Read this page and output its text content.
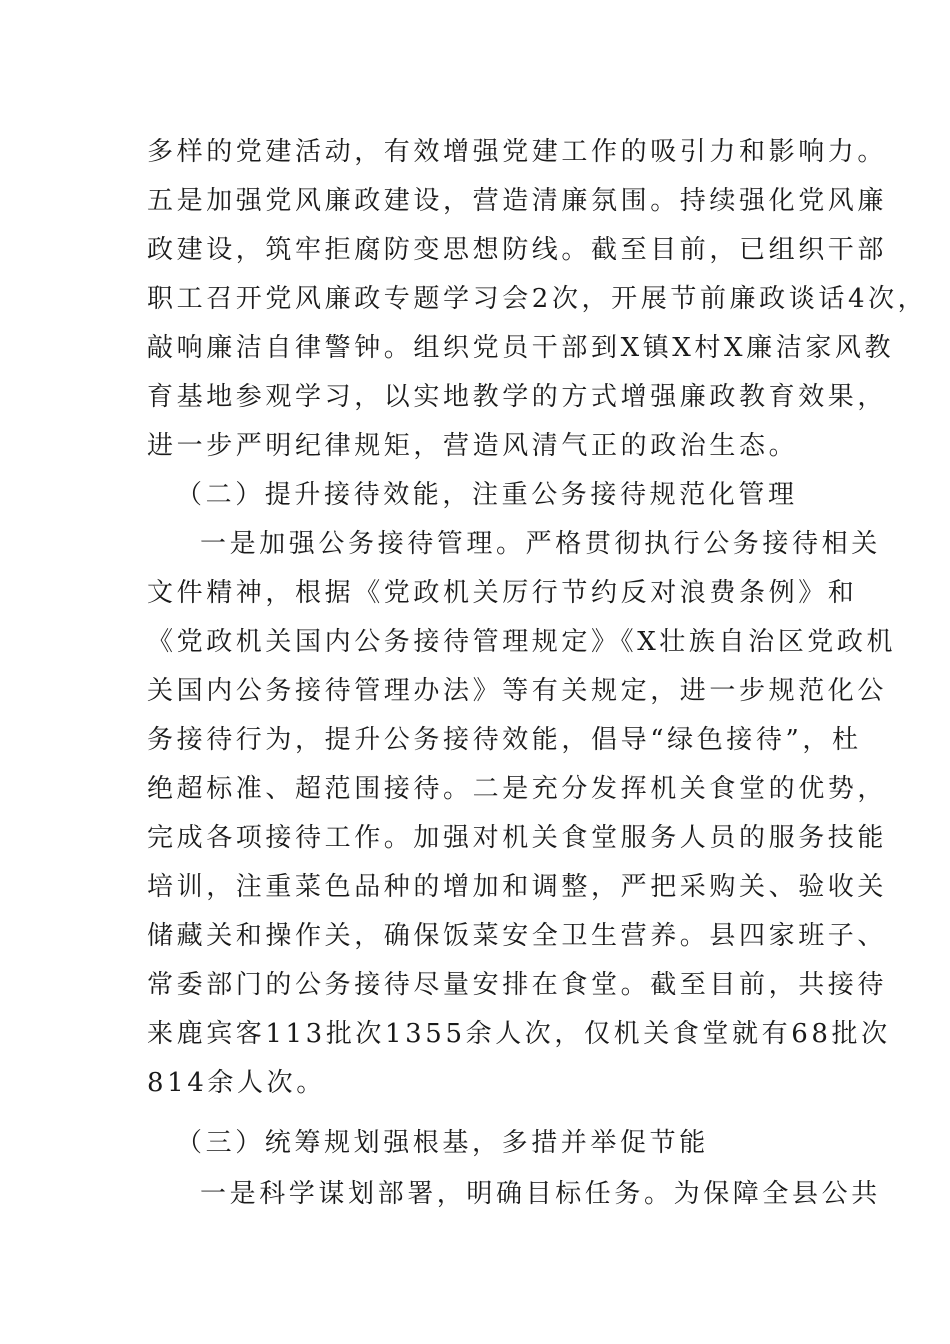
多样的党建活动，有效增强党建工作的吸引力和影响力。
五是加强党风廉政建设，营造清廉氛围。持续强化党风廉
政建设，筑牢拒腐防变思想防线。截至目前，已组织干部
职工召开党风廉政专题学习会2次，开展节前廉政谈话4次，
敲响廉洁自律警钟。组织党员干部到X镇X村X廉洁家风教
育基地参观学习，以实地教学的方式增强廉政教育效果，
进一步严明纪律规矩，营造风清气正的政治生态。
（二）提升接待效能，注重公务接待规范化管理
一是加强公务接待管理。严格贯彻执行公务接待相关
文件精神，根据《党政机关厉行节约反对浪费条例》和
《党政机关国内公务接待管理规定》《X壮族自治区党政机
关国内公务接待管理办法》等有关规定，进一步规范化公
务接待行为，提升公务接待效能，倡导“绿色接待”，杜
绝超标准、超范围接待。二是充分发挥机关食堂的优势，
完成各项接待工作。加强对机关食堂服务人员的服务技能
培训，注重菜色品种的增加和调整，严把采购关、验收关
储藏关和操作关，确保饭菜安全卫生营养。县四家班子、
常委部门的公务接待尽量安排在食堂。截至目前，共接待
来鹿宾客113批次1355余人次，仅机关食堂就有68批次
814余人次。
（三）统筹规划强根基，多措并举促节能
一是科学谋划部署，明确目标任务。为保障全县公共
